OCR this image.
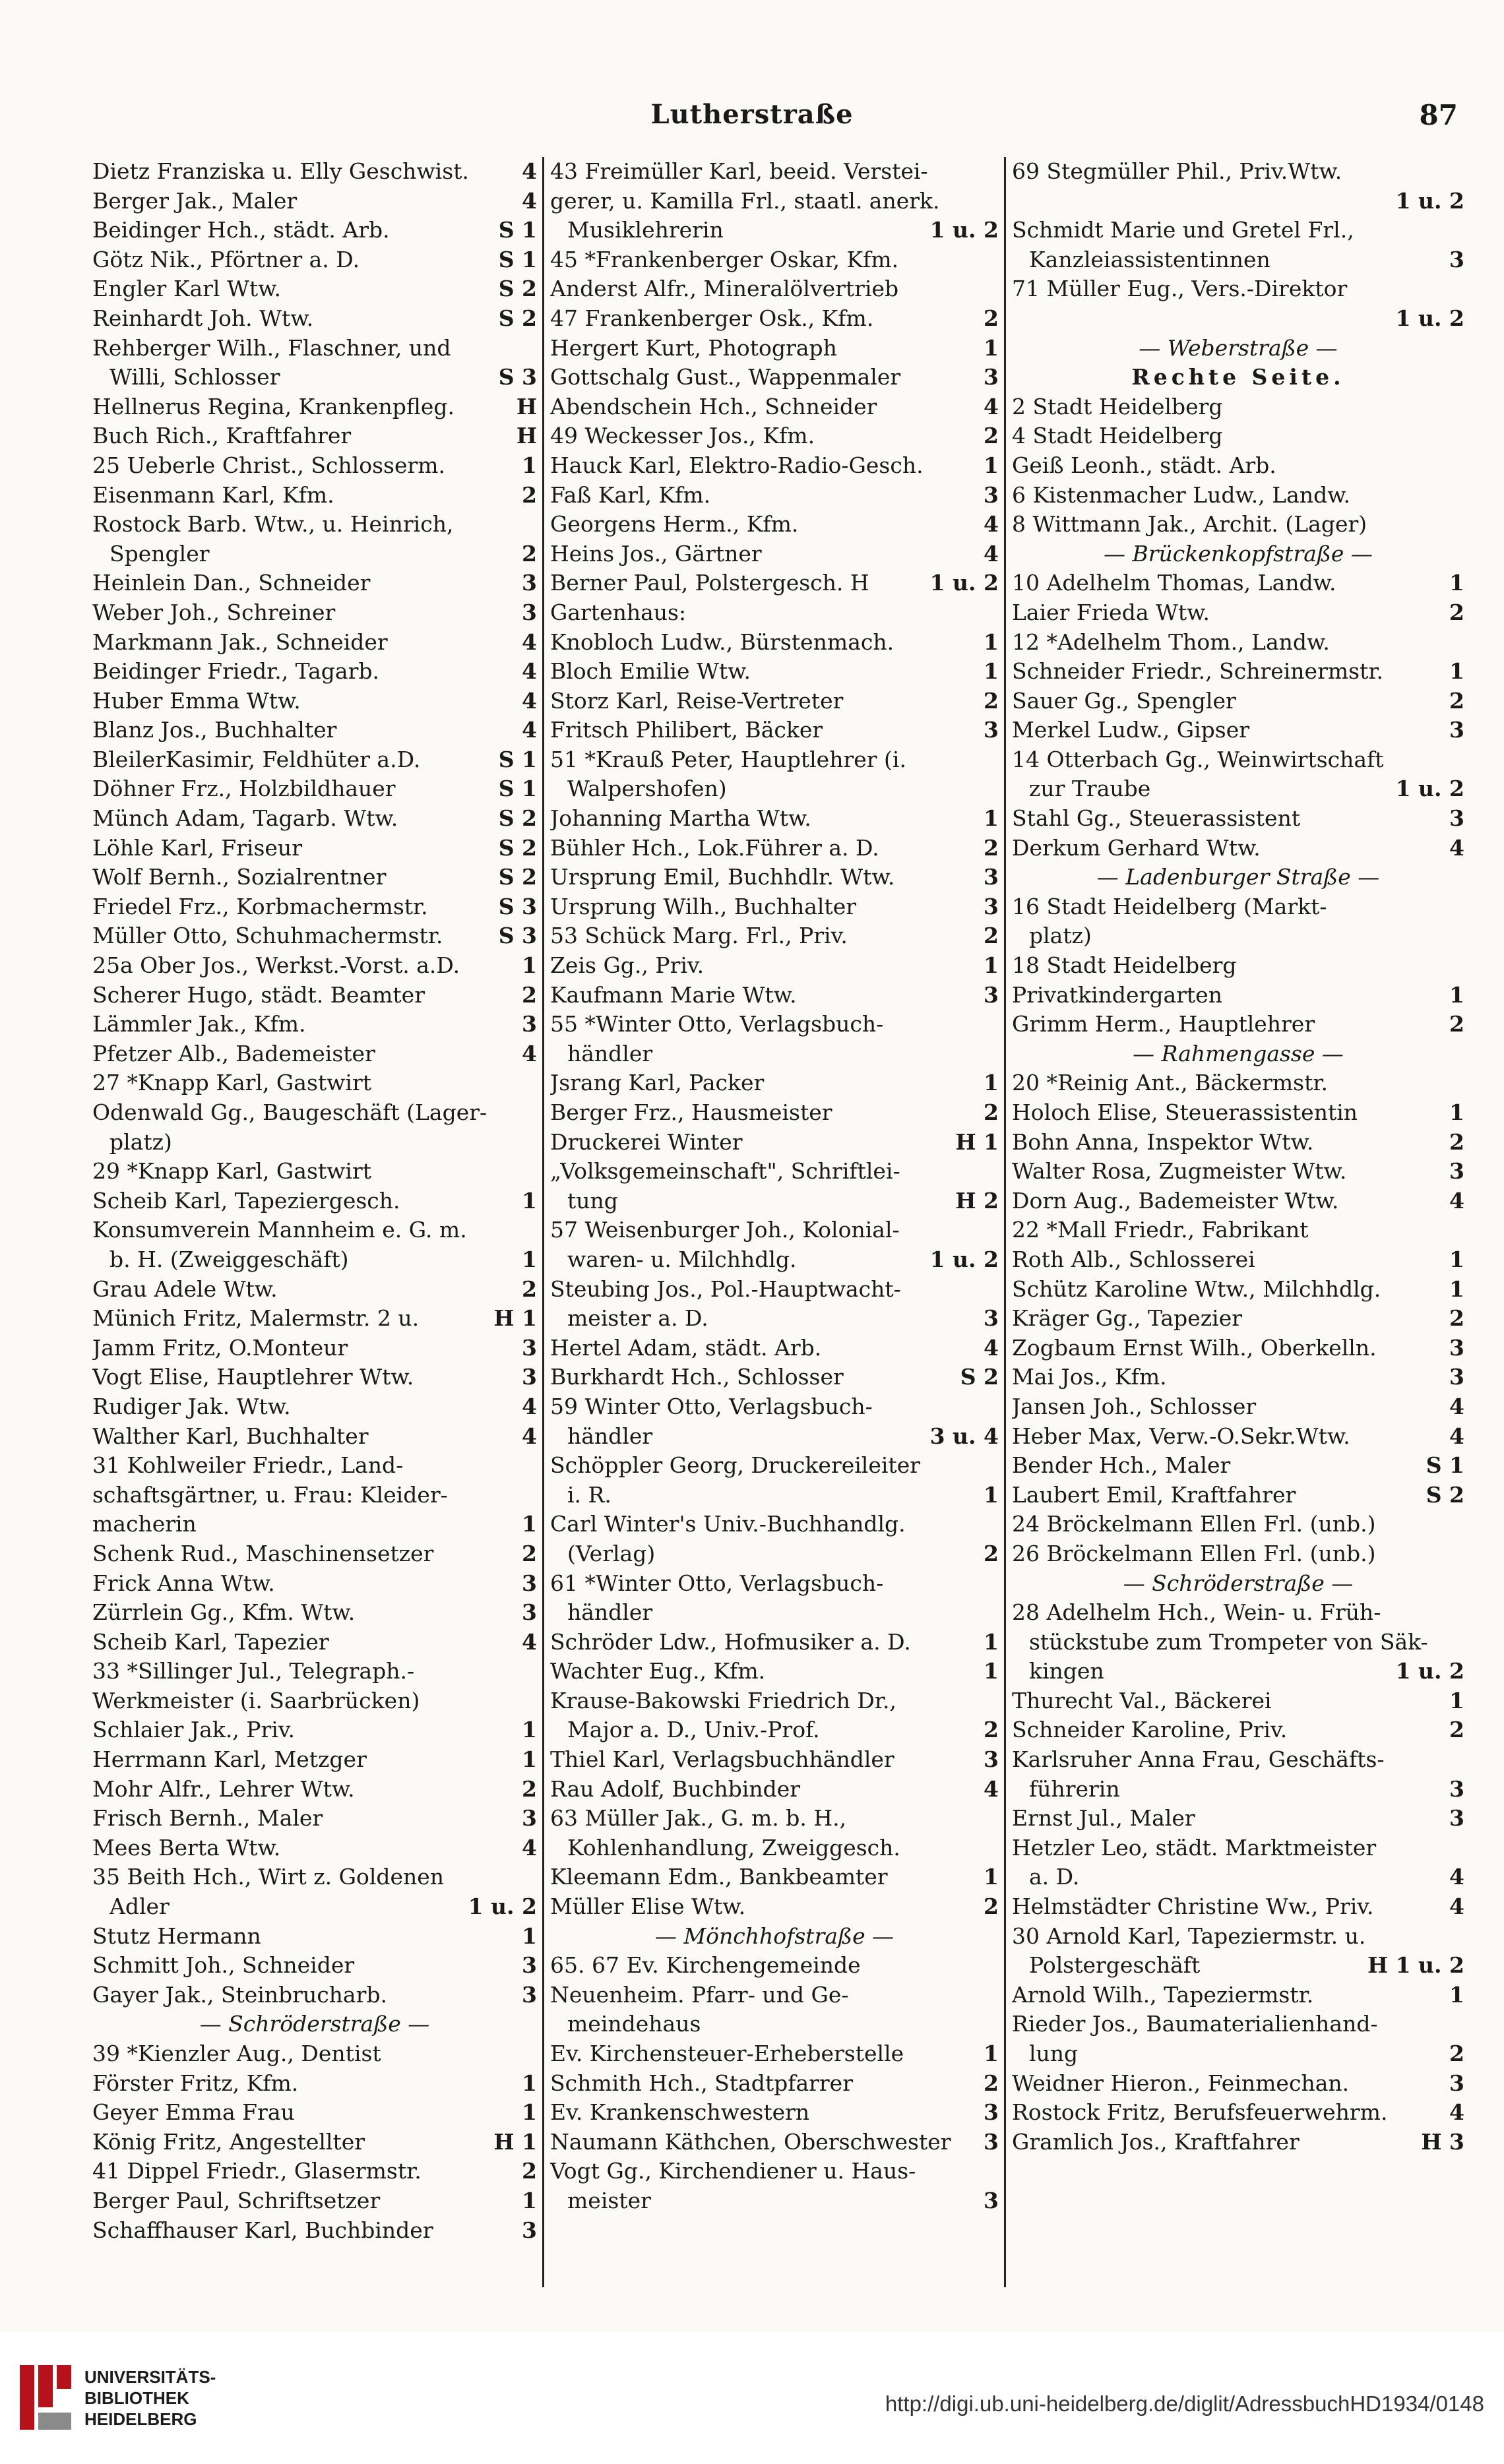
Lutherstraße	87
Dietz Franziska u. Elly Geschwist.	4
Berger Jak., Maler	4
Beidinger Hch., städt. Arb.	S 1
Götz Nik., Pförtner a. D.	S 1
Engler Karl Wtw.	S 2
Reinhardt Joh. Wtw.	S 2
Rehberger Wilh., Flaschner, und
Willi, Schlosser	S 3
Hellnerus Regina, Krankenpfleg.	H
Buch Rich., Kraftfahrer	H
25 Ueberle Christ., Schlosserm.	1
Eisenmann Karl, Kfm.	2
Rostock Barb. Wtw., u. Heinrich,
Spengler	2
Heinlein Dan., Schneider	3
Weber Joh., Schreiner	3
Markmann Jak., Schneider	4
Beidinger Friedr., Tagarb.	4
Huber Emma Wtw.	4
Blanz Jos., Buchhalter	4
BleilerKasimir, Feldhüter a.D.	S 1
Döhner Frz., Holzbildhauer	S 1
Münch Adam, Tagarb. Wtw.	S 2
Löhle Karl, Friseur	S 2
Wolf Bernh., Sozialrentner	S 2
Friedel Frz., Korbmachermstr.	S 3
Müller Otto, Schuhmachermstr.	S 3
25a Ober Jos., Werkst.-Vorst. a.D.	1
Scherer Hugo, städt. Beamter	2
Lämmler Jak., Kfm.	3
Pfetzer Alb., Bademeister	4
27 *Knapp Karl, Gastwirt
Odenwald Gg., Baugeschäft (Lager-
platz)
29 *Knapp Karl, Gastwirt
Scheib Karl, Tapeziergesch.	1
Konsumverein Mannheim e. G. m.
b. H. (Zweiggeschäft)	1
Grau Adele Wtw.	2
Münich Fritz, Malermstr. 2 u.	H 1
Jamm Fritz, O.Monteur	3
Vogt Elise, Hauptlehrer Wtw.	3
Rudiger Jak. Wtw.	4
Walther Karl, Buchhalter	4
31 Kohlweiler Friedr., Land-
schaftsgärtner, u. Frau: Kleider-
macherin	1
Schenk Rud., Maschinensetzer	2
Frick Anna Wtw.	3
Zürrlein Gg., Kfm. Wtw.	3
Scheib Karl, Tapezier	4
33 *Sillinger Jul., Telegraph.-
Werkmeister (i. Saarbrücken)
Schlaier Jak., Priv.	1
Herrmann Karl, Metzger	1
Mohr Alfr., Lehrer Wtw.	2
Frisch Bernh., Maler	3
Mees Berta Wtw.	4
35 Beith Hch., Wirt z. Goldenen
Adler	1 u. 2
Stutz Hermann	1
Schmitt Joh., Schneider	3
Gayer Jak., Steinbrucharb.	3
— Schröderstraße —
39 *Kienzler Aug., Dentist
Förster Fritz, Kfm.	1
Geyer Emma Frau	1
König Fritz, Angestellter	H 1
41 Dippel Friedr., Glasermstr.	2
Berger Paul, Schriftsetzer	1
Schaffhauser Karl, Buchbinder	3
43 Freimüller Karl, beeid. Verstei-
gerer, u. Kamilla Frl., staatl. anerk.
Musiklehrerin	1 u. 2
45 *Frankenberger Oskar, Kfm.
Anderst Alfr., Mineralölvertrieb
47 Frankenberger Osk., Kfm.	2
Hergert Kurt, Photograph	1
Gottschalg Gust., Wappenmaler	3
Abendschein Hch., Schneider	4
49 Weckesser Jos., Kfm.	2
Hauck Karl, Elektro-Radio-Gesch.	1
Faß Karl, Kfm.	3
Georgens Herm., Kfm.	4
Heins Jos., Gärtner	4
Berner Paul, Polstergesch. H	1 u. 2
Gartenhaus:
Knobloch Ludw., Bürstenmach.	1
Bloch Emilie Wtw.	1
Storz Karl, Reise-Vertreter	2
Fritsch Philibert, Bäcker	3
51 *Krauß Peter, Hauptlehrer (i.
Walpershofen)
Johanning Martha Wtw.	1
Bühler Hch., Lok.Führer a. D.	2
Ursprung Emil, Buchhdlr. Wtw.	3
Ursprung Wilh., Buchhalter	3
53 Schück Marg. Frl., Priv.	2
Zeis Gg., Priv.	1
Kaufmann Marie Wtw.	3
55 *Winter Otto, Verlagsbuch-
händler
Jsrang Karl, Packer	1
Berger Frz., Hausmeister	2
Druckerei Winter	H 1
„Volksgemeinschaft", Schriftlei-
tung	H 2
57 Weisenburger Joh., Kolonial-
waren- u. Milchhdlg.	1 u. 2
Steubing Jos., Pol.-Hauptwacht-
meister a. D.	3
Hertel Adam, städt. Arb.	4
Burkhardt Hch., Schlosser	S 2
59 Winter Otto, Verlagsbuch-
händler	3 u. 4
Schöppler Georg, Druckereileiter
i. R.	1
Carl Winter's Univ.-Buchhandlg.
(Verlag)	2
61 *Winter Otto, Verlagsbuch-
händler
Schröder Ldw., Hofmusiker a. D.	1
Wachter Eug., Kfm.	1
Krause-Bakowski Friedrich Dr.,
Major a. D., Univ.-Prof.	2
Thiel Karl, Verlagsbuchhändler	3
Rau Adolf, Buchbinder	4
63 Müller Jak., G. m. b. H.,
Kohlenhandlung, Zweiggesch.
Kleemann Edm., Bankbeamter	1
Müller Elise Wtw.	2
— Mönchhofstraße —
65. 67 Ev. Kirchengemeinde
Neuenheim. Pfarr- und Ge-
meindehaus
Ev. Kirchensteuer-Erheberstelle	1
Schmith Hch., Stadtpfarrer	2
Ev. Krankenschwestern	3
Naumann Käthchen, Oberschwester	3
Vogt Gg., Kirchendiener u. Haus-
meister	3
69 Stegmüller Phil., Priv.Wtw.
1 u. 2
Schmidt Marie und Gretel Frl.,
Kanzleiassistentinnen	3
71 Müller Eug., Vers.-Direktor
1 u. 2
— Weberstraße —
Rechte Seite.
2 Stadt Heidelberg
4 Stadt Heidelberg
Geiß Leonh., städt. Arb.
6 Kistenmacher Ludw., Landw.
8 Wittmann Jak., Archit. (Lager)
— Brückenkopfstraße —
10 Adelhelm Thomas, Landw.	1
Laier Frieda Wtw.	2
12 *Adelhelm Thom., Landw.
Schneider Friedr., Schreinermstr.	1
Sauer Gg., Spengler	2
Merkel Ludw., Gipser	3
14 Otterbach Gg., Weinwirtschaft
zur Traube	1 u. 2
Stahl Gg., Steuerassistent	3
Derkum Gerhard Wtw.	4
— Ladenburger Straße —
16 Stadt Heidelberg (Markt-
platz)
18 Stadt Heidelberg
Privatkindergarten	1
Grimm Herm., Hauptlehrer	2
— Rahmengasse —
20 *Reinig Ant., Bäckermstr.
Holoch Elise, Steuerassistentin	1
Bohn Anna, Inspektor Wtw.	2
Walter Rosa, Zugmeister Wtw.	3
Dorn Aug., Bademeister Wtw.	4
22 *Mall Friedr., Fabrikant
Roth Alb., Schlosserei	1
Schütz Karoline Wtw., Milchhdlg.	1
Kräger Gg., Tapezier	2
Zogbaum Ernst Wilh., Oberkelln.	3
Mai Jos., Kfm.	3
Jansen Joh., Schlosser	4
Heber Max, Verw.-O.Sekr.Wtw.	4
Bender Hch., Maler	S 1
Laubert Emil, Kraftfahrer	S 2
24 Bröckelmann Ellen Frl. (unb.)
26 Bröckelmann Ellen Frl. (unb.)
— Schröderstraße —
28 Adelhelm Hch., Wein- u. Früh-
stückstube zum Trompeter von Säk-
kingen	1 u. 2
Thurecht Val., Bäckerei	1
Schneider Karoline, Priv.	2
Karlsruher Anna Frau, Geschäfts-
führerin	3
Ernst Jul., Maler	3
Hetzler Leo, städt. Marktmeister
a. D.	4
Helmstädter Christine Ww., Priv.	4
30 Arnold Karl, Tapeziermstr. u.
Polstergeschäft	H 1 u. 2
Arnold Wilh., Tapeziermstr.	1
Rieder Jos., Baumaterialienhand-
lung	2
Weidner Hieron., Feinmechan.	3
Rostock Fritz, Berufsfeuerwehrm.	4
Gramlich Jos., Kraftfahrer	H 3
UNIVERSITÄTS-
BIBLIOTHEK
HEIDELBERG
http://digi.ub.uni-heidelberg.de/diglit/AdressbuchHD1934/0148
